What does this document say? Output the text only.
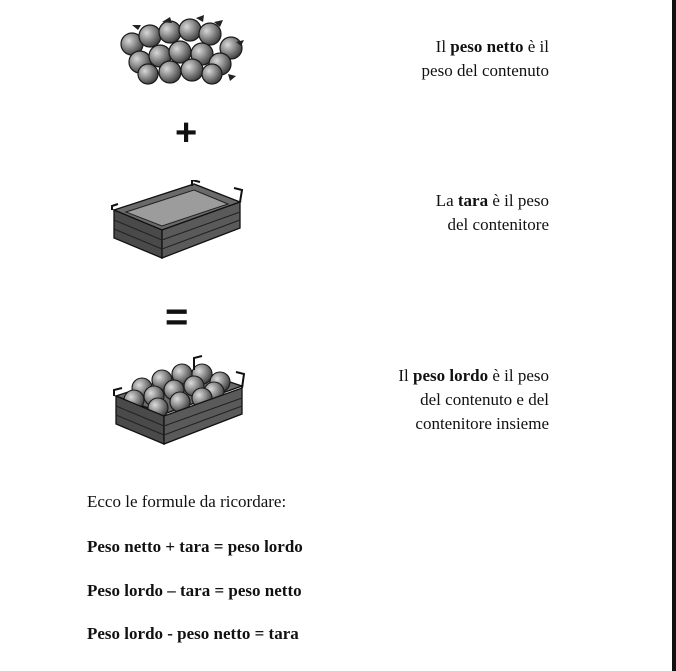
+
=
Il peso netto è il
peso del contenuto
La tara è il peso
del contenitore
Il peso lordo è il peso
del contenuto e del
contenitore insieme
Ecco le formule da ricordare:
Peso netto + tara = peso lordo
Peso lordo – tara = peso netto
Peso lordo - peso netto = tara
